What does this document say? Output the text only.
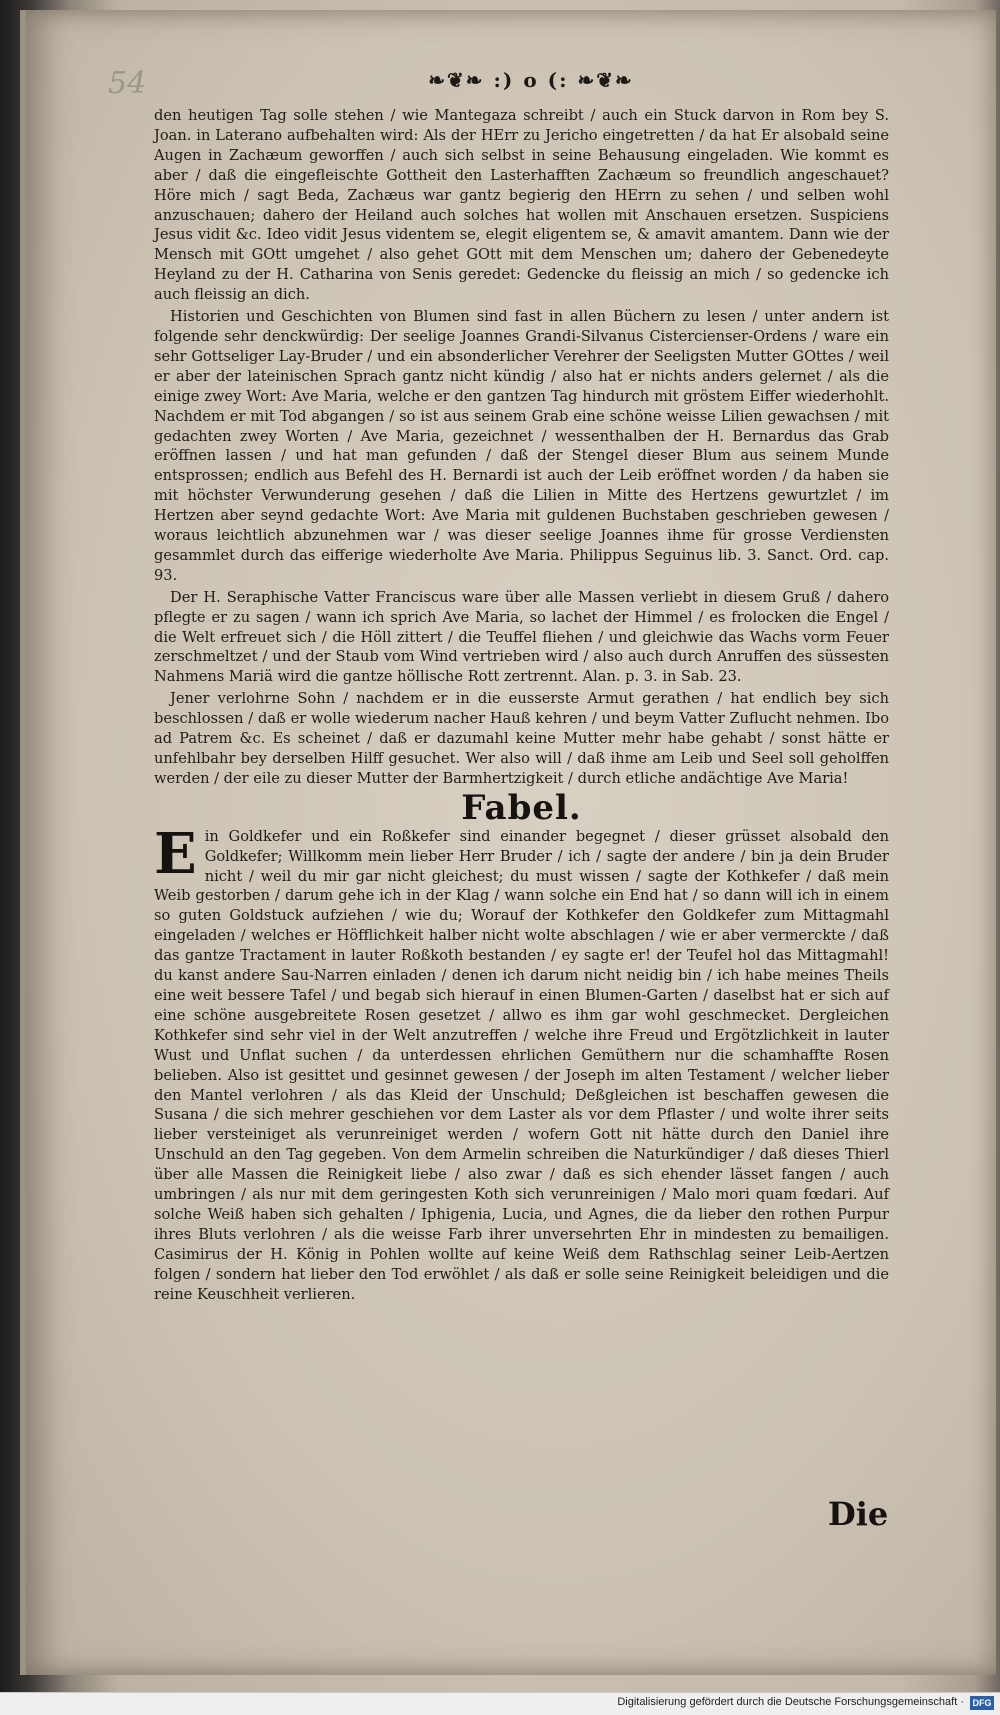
54	❧❦❧ :) o (: ❧❦❧

den heutigen Tag solle stehen / wie Mantegaza schreibt / auch ein Stuck darvon in Rom bey S. Joan. in Laterano aufbehalten wird: Als der HErr zu Jericho eingetretten / da hat Er alsobald seine Augen in Zachæum geworffen / auch sich selbst in seine Behausung eingeladen. Wie kommt es aber / daß die eingefleischte Gottheit den Lasterhafften Zachæum so freundlich angeschauet? Höre mich / sagt Beda, Zachæus war gantz begierig den HErrn zu sehen / und selben wohl anzuschauen; dahero der Heiland auch solches hat wollen mit Anschauen ersetzen. Suspiciens Jesus vidit &c. Ideo vidit Jesus videntem se, elegit eligentem se, & amavit amantem. Dann wie der Mensch mit GOtt umgehet / also gehet GOtt mit dem Menschen um; dahero der Gebenedeyte Heyland zu der H. Catharina von Senis geredet: Gedencke du fleissig an mich / so gedencke ich auch fleissig an dich.

Historien und Geschichten von Blumen sind fast in allen Büchern zu lesen / unter andern ist folgende sehr denckwürdig: Der seelige Joannes Grandi-Silvanus Cistercienser-Ordens / ware ein sehr Gottseliger Lay-Bruder / und ein absonderlicher Verehrer der Seeligsten Mutter GOttes / weil er aber der lateinischen Sprach gantz nicht kündig / also hat er nichts anders gelernet / als die einige zwey Wort: Ave Maria, welche er den gantzen Tag hindurch mit gröstem Eiffer wiederhohlt. Nachdem er mit Tod abgangen / so ist aus seinem Grab eine schöne weisse Lilien gewachsen / mit gedachten zwey Worten / Ave Maria, gezeichnet / wessenthalben der H. Bernardus das Grab eröffnen lassen / und hat man gefunden / daß der Stengel dieser Blum aus seinem Munde entsprossen; endlich aus Befehl des H. Bernardi ist auch der Leib eröffnet worden / da haben sie mit höchster Verwunderung gesehen / daß die Lilien in Mitte des Hertzens gewurtzlet / im Hertzen aber seynd gedachte Wort: Ave Maria mit guldenen Buchstaben geschrieben gewesen / woraus leichtlich abzunehmen war / was dieser seelige Joannes ihme für grosse Verdiensten gesammlet durch das eifferige wiederholte Ave Maria. Philippus Seguinus lib. 3. Sanct. Ord. cap. 93.

Der H. Seraphische Vatter Franciscus ware über alle Massen verliebt in diesem Gruß / dahero pflegte er zu sagen / wann ich sprich Ave Maria, so lachet der Himmel / es frolocken die Engel / die Welt erfreuet sich / die Höll zittert / die Teuffel fliehen / und gleichwie das Wachs vorm Feuer zerschmeltzet / und der Staub vom Wind vertrieben wird / also auch durch Anruffen des süssesten Nahmens Mariä wird die gantze höllische Rott zertrennt. Alan. p. 3. in Sab. 23.

Jener verlohrne Sohn / nachdem er in die eusserste Armut gerathen / hat endlich bey sich beschlossen / daß er wolle wiederum nacher Hauß kehren / und beym Vatter Zuflucht nehmen. Ibo ad Patrem &c. Es scheinet / daß er dazumahl keine Mutter mehr habe gehabt / sonst hätte er unfehlbahr bey derselben Hilff gesuchet. Wer also will / daß ihme am Leib und Seel soll geholffen werden / der eile zu dieser Mutter der Barmhertzigkeit / durch etliche andächtige Ave Maria!

Fabel.

Ein Goldkefer und ein Roßkefer sind einander begegnet / dieser grüsset alsobald den Goldkefer; Willkomm mein lieber Herr Bruder / ich / sagte der andere / bin ja dein Bruder nicht / weil du mir gar nicht gleichest; du must wissen / sagte der Kothkefer / daß mein Weib gestorben / darum gehe ich in der Klag / wann solche ein End hat / so dann will ich in einem so guten Goldstuck aufziehen / wie du; Worauf der Kothkefer den Goldkefer zum Mittagmahl eingeladen / welches er Höfflichkeit halber nicht wolte abschlagen / wie er aber vermerckte / daß das gantze Tractament in lauter Roßkoth bestanden / ey sagte er! der Teufel hol das Mittagmahl! du kanst andere Sau-Narren einladen / denen ich darum nicht neidig bin / ich habe meines Theils eine weit bessere Tafel / und begab sich hierauf in einen Blumen-Garten / daselbst hat er sich auf eine schöne ausgebreitete Rosen gesetzet / allwo es ihm gar wohl geschmecket. Dergleichen Kothkefer sind sehr viel in der Welt anzutreffen / welche ihre Freud und Ergötzlichkeit in lauter Wust und Unflat suchen / da unterdessen ehrlichen Gemüthern nur die schamhaffte Rosen belieben. Also ist gesittet und gesinnet gewesen / der Joseph im alten Testament / welcher lieber den Mantel verlohren / als das Kleid der Unschuld; Deßgleichen ist beschaffen gewesen die Susana / die sich mehrer geschiehen vor dem Laster als vor dem Pflaster / und wolte ihrer seits lieber versteiniget als verunreiniget werden / wofern Gott nit hätte durch den Daniel ihre Unschuld an den Tag gegeben. Von dem Armelin schreiben die Naturkündiger / daß dieses Thierl über alle Massen die Reinigkeit liebe / also zwar / daß es sich ehender lässet fangen / auch umbringen / als nur mit dem geringesten Koth sich verunreinigen / Malo mori quam fœdari. Auf solche Weiß haben sich gehalten / Iphigenia, Lucia, und Agnes, die da lieber den rothen Purpur ihres Bluts verlohren / als die weisse Farb ihrer unversehrten Ehr in mindesten zu bemailigen. Casimirus der H. König in Pohlen wollte auf keine Weiß dem Rathschlag seiner Leib-Aertzen folgen / sondern hat lieber den Tod erwöhlet / als daß er solle seine Reinigkeit beleidigen und die reine Keuschheit verlieren.

Die
Digitalisierung gefördert durch die Deutsche Forschungsgemeinschaft · DFG
